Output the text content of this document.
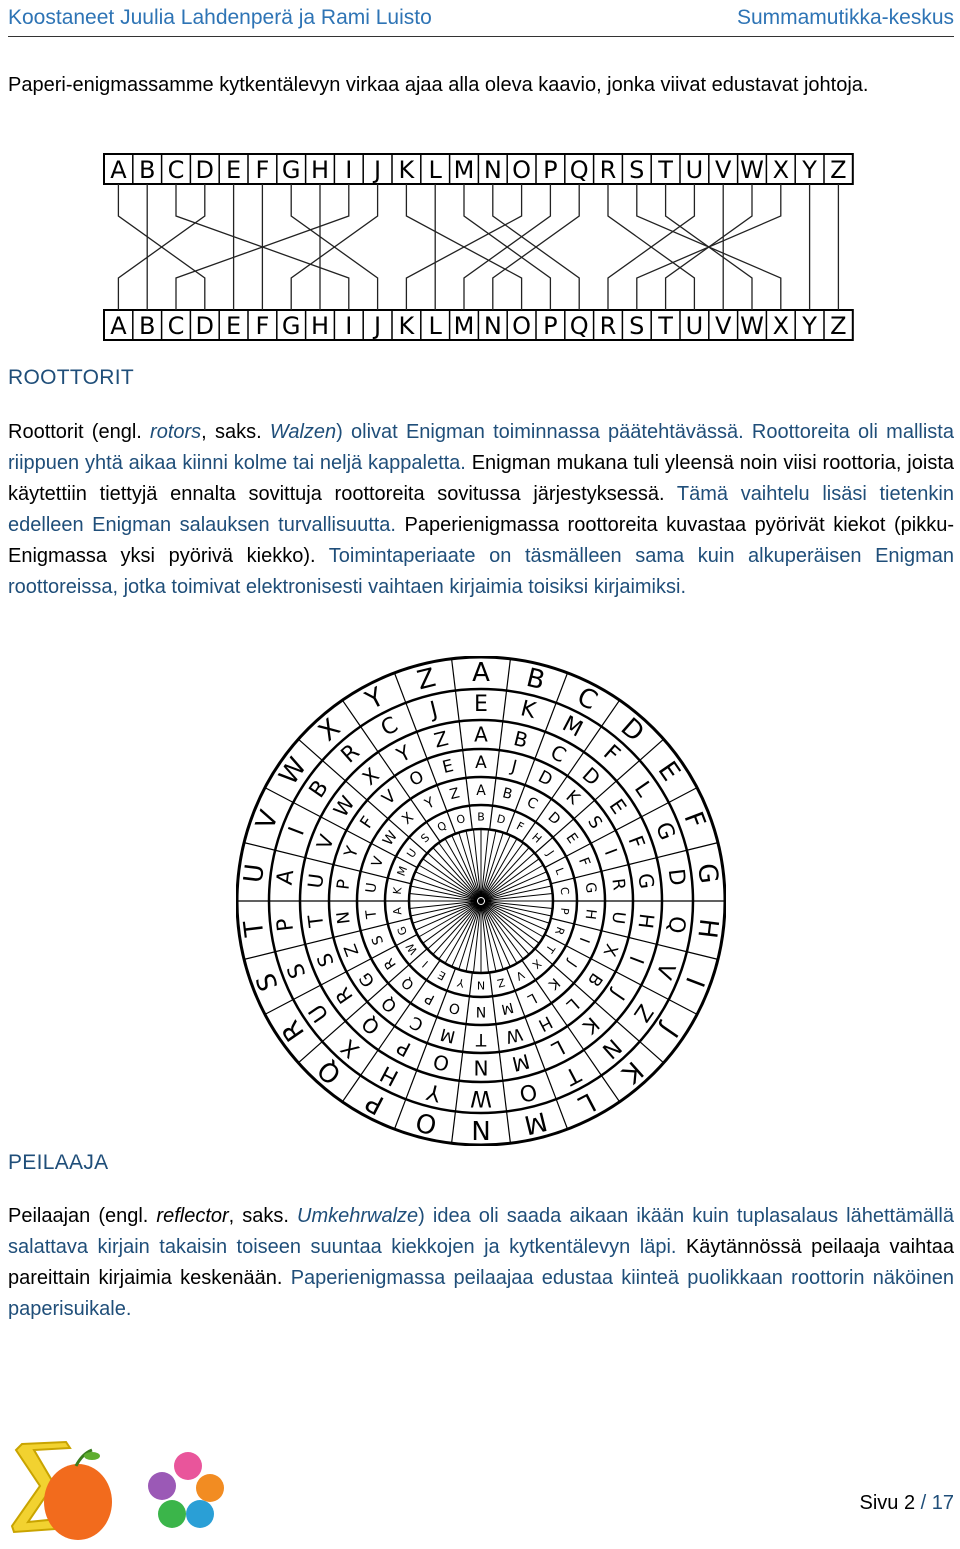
Koostaneet Juulia Lahdenperä ja Rami Luisto	Summamutikka-keskus

Paperi-enigmassamme kytkentälevyn virkaa ajaa alla oleva kaavio, jonka viivat edustavat johtoja.

A
A
B
B
C
C
D
D
E
E
F
F
G
G
H
H
I
I
J
J
K
K
L
L
M
M
N
N
O
O
P
P
Q
Q
R
R
S
S
T
T
U
U
V
V
W
W
X
X
Y
Y
Z
Z
ROOTTORIT

Roottorit (engl. rotors, saks. Walzen) olivat Enigman toiminnassa päätehtävässä. Roottoreita oli mallista riippuen yhtä aikaa kiinni kolme tai neljä kappaletta. Enigman mukana tuli yleensä noin viisi roottoria, joista käytettiin tiettyjä ennalta sovittuja roottoreita sovitussa järjestyksessä. Tämä vaihtelu lisäsi tietenkin edelleen Enigman salauksen turvallisuutta. Paperienigmassa roottoreita kuvastaa pyörivät kiekot (pikku-Enigmassa yksi pyörivä kiekko). Toimintaperiaate on täsmälleen sama kuin alkuperäisen Enigman roottoreissa, jotka toimivat elektronisesti vaihtaen kirjaimia toisiksi kirjaimiksi.

A B
C
D
E
F
G
H
I
J
K
L
M
N
O
P
Q
R
S
T
U
V
W
X
Y
Z
E K
M
F
L
G
D
Q
V
Z
N
T
O
W
Y
H
X
U
S
P
A
I
B
R
C
J
A B
C
D
E
F
G
H
I
J
K
L
M
N
O
P
Q
R
S
T
U
V
W
X
Y
Z
A J D
K
S
I
R
U
X
B
L
H
W
T
M
C
Q
G
Z
N
P
Y
F
V
O E
A B
C
D
E
F
G
H
I
J
K
L
M
N
O
P
Q
R
S
T
U
V
W
X
Y
Z
B D F
H
J
L
C
P
R
T
X
V
Z
N
Y
E
I
W
G
A
K
M
U
S
Q O
PEILAAJA

Peilaajan (engl. reflector, saks. Umkehrwalze) idea oli saada aikaan ikään kuin tuplasalaus lähettämällä salattava kirjain takaisin toiseen suuntaa kiekkojen ja kytkentälevyn läpi. Käytännössä peilaaja vaihtaa pareittain kirjaimia keskenään. Paperienigmassa peilaajaa edustaa kiinteä puolikkaan roottorin näköinen paperisuikale.

Sivu 2 / 17
